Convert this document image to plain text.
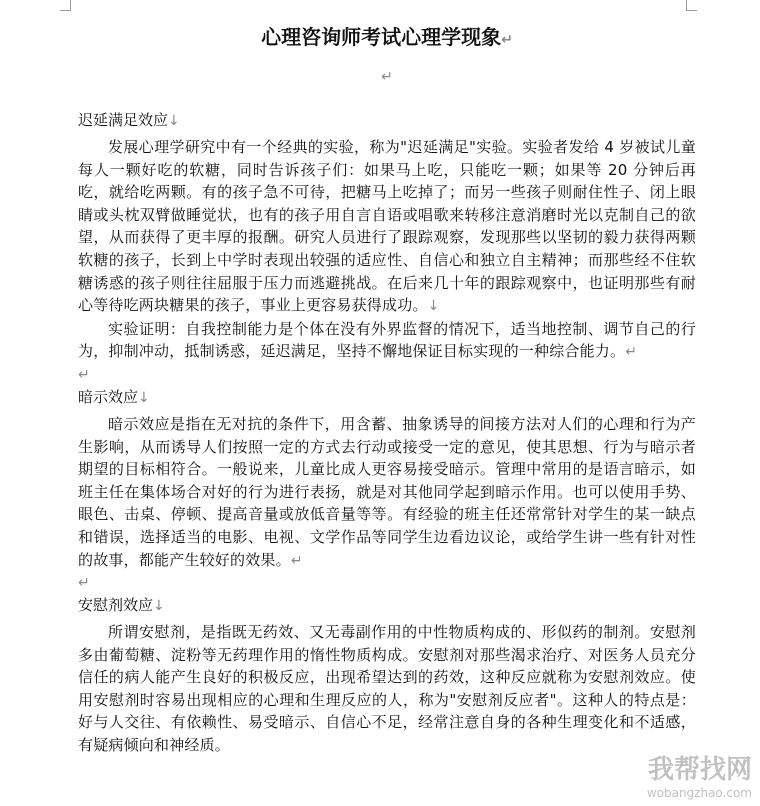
心理咨询师考试心理学现象↵
↵
迟延满足效应↓

发展心理学研究中有一个经典的实验，称为"迟延满足"实验。实验者发给 4 岁被试儿童每人一颗好吃的软糖，同时告诉孩子们：如果马上吃，只能吃一颗；如果等 20 分钟后再吃，就给吃两颗。有的孩子急不可待，把糖马上吃掉了；而另一些孩子则耐住性子、闭上眼睛或头枕双臂做睡觉状，也有的孩子用自言自语或唱歌来转移注意消磨时光以克制自己的欲望，从而获得了更丰厚的报酬。研究人员进行了跟踪观察，发现那些以坚韧的毅力获得两颗软糖的孩子，长到上中学时表现出较强的适应性、自信心和独立自主精神；而那些经不住软糖诱惑的孩子则往往屈服于压力而逃避挑战。在后来几十年的跟踪观察中，也证明那些有耐心等待吃两块糖果的孩子，事业上更容易获得成功。↓

实验证明：自我控制能力是个体在没有外界监督的情况下，适当地控制、调节自己的行为，抑制冲动，抵制诱惑，延迟满足，坚持不懈地保证目标实现的一种综合能力。↵

↵
暗示效应↓

暗示效应是指在无对抗的条件下，用含蓄、抽象诱导的间接方法对人们的心理和行为产生影响，从而诱导人们按照一定的方式去行动或接受一定的意见，使其思想、行为与暗示者期望的目标相符合。一般说来，儿童比成人更容易接受暗示。管理中常用的是语言暗示，如班主任在集体场合对好的行为进行表扬，就是对其他同学起到暗示作用。也可以使用手势、眼色、击桌、停顿、提高音量或放低音量等等。有经验的班主任还常常针对学生的某一缺点和错误，选择适当的电影、电视、文学作品等同学生边看边议论，或给学生讲一些有针对性的故事，都能产生较好的效果。↵

↵
安慰剂效应↓

所谓安慰剂，是指既无药效、又无毒副作用的中性物质构成的、形似药的制剂。安慰剂多由葡萄糖、淀粉等无药理作用的惰性物质构成。安慰剂对那些渴求治疗、对医务人员充分信任的病人能产生良好的积极反应，出现希望达到的药效，这种反应就称为安慰剂效应。使用安慰剂时容易出现相应的心理和生理反应的人，称为"安慰剂反应者"。这种人的特点是：好与人交往、有依赖性、易受暗示、自信心不足，经常注意自身的各种生理变化和不适感，有疑病倾向和神经质。

我帮找网
wobangzhao.com
